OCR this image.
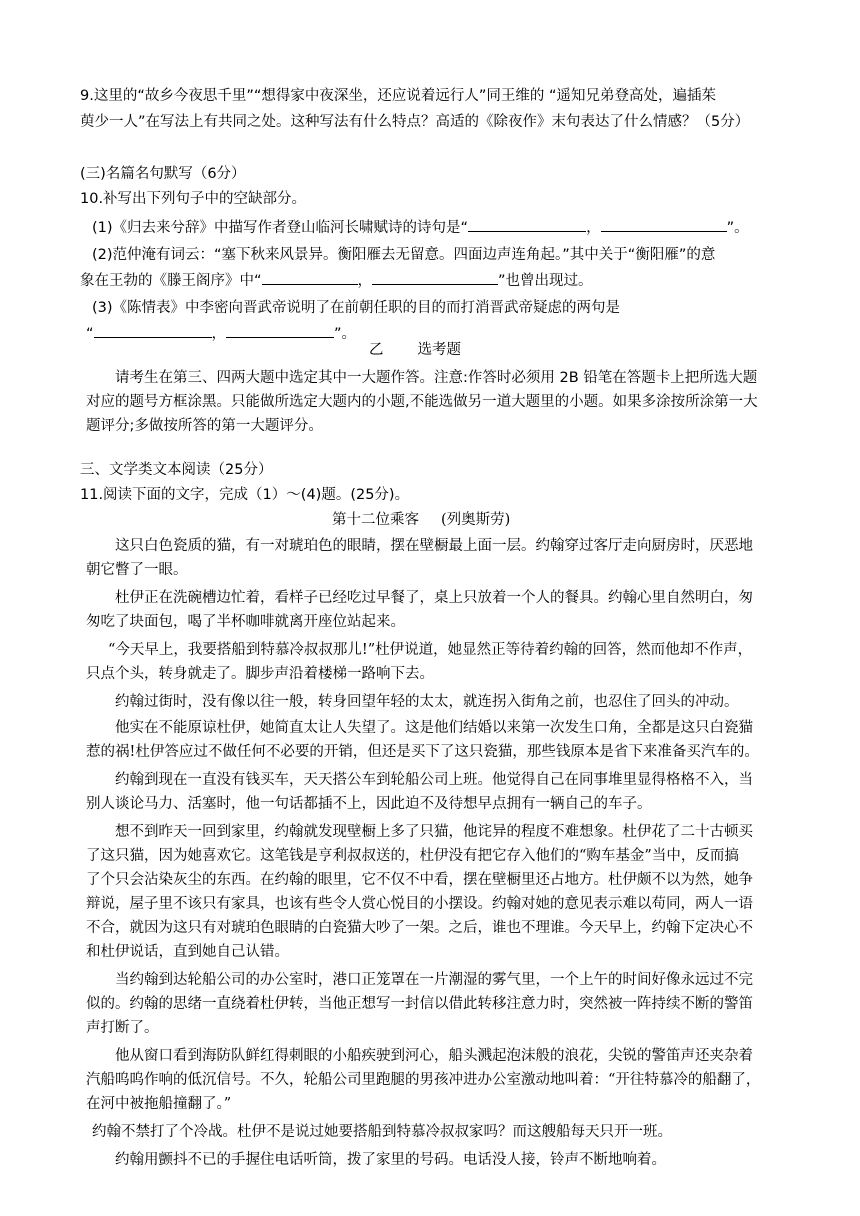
9.这里的“故乡今夜思千里”“想得家中夜深坐，还应说着远行人”同王维的 “遥知兄弟登高处，遍插茱
萸少一人”在写法上有共同之处。这种写法有什么特点？高适的《除夜作》末句表达了什么情感？（5分）
(三)名篇名句默写（6分）
10.补写出下列句子中的空缺部分。
(1)《归去来兮辞》中描写作者登山临河长啸赋诗的诗句是“	，	”。
(2)范仲淹有词云：“塞下秋来风景异。衡阳雁去无留意。四面边声连角起。”其中关于“衡阳雁”的意
象在王勃的《滕王阁序》中“	，	”也曾出现过。
(3)《陈情表》中李密向晋武帝说明了在前朝任职的目的而打消晋武帝疑虑的两句是
“	，	”。
乙 选考题
请考生在第三、四两大题中选定其中一大题作答。注意:作答时必须用 2B 铅笔在答题卡上把所选大题
对应的题号方框涂黑。只能做所选定大题内的小题,不能选做另一道大题里的小题。如果多涂按所涂第一大
题评分;多做按所答的第一大题评分。
三、文学类文本阅读（25分）
11.阅读下面的文字，完成（1）～(4)题。(25分)。
第十二位乘客 (列奥斯劳)
这只白色瓷质的猫，有一对琥珀色的眼睛，摆在壁橱最上面一层。约翰穿过客厅走向厨房时，厌恶地
朝它瞥了一眼。
杜伊正在洗碗槽边忙着，看样子已经吃过早餐了，桌上只放着一个人的餐具。约翰心里自然明白，匆
匆吃了块面包，喝了半杯咖啡就离开座位站起来。
“今天早上，我要搭船到特慕冷叔叔那儿!”杜伊说道，她显然正等待着约翰的回答，然而他却不作声，
只点个头，转身就走了。脚步声沿着楼梯一路响下去。
约翰过街时，没有像以往一般，转身回望年轻的太太，就连拐入街角之前，也忍住了回头的冲动。
他实在不能原谅杜伊，她简直太让人失望了。这是他们结婚以来第一次发生口角，全都是这只白瓷猫
惹的祸!杜伊答应过不做任何不必要的开销，但还是买下了这只瓷猫，那些钱原本是省下来准备买汽车的。
约翰到现在一直没有钱买车，天天搭公车到轮船公司上班。他觉得自己在同事堆里显得格格不入，当
别人谈论马力、活塞时，他一句话都插不上，因此迫不及待想早点拥有一辆自己的车子。
想不到昨天一回到家里，约翰就发现壁橱上多了只猫，他诧异的程度不难想象。杜伊花了二十古顿买
了这只猫，因为她喜欢它。这笔钱是亨利叔叔送的，杜伊没有把它存入他们的“购车基金”当中，反而搞
了个只会沾染灰尘的东西。在约翰的眼里，它不仅不中看，摆在壁橱里还占地方。杜伊颇不以为然，她争
辩说，屋子里不该只有家具，也该有些令人赏心悦目的小摆设。约翰对她的意见表示难以苟同，两人一语
不合，就因为这只有对琥珀色眼睛的白瓷猫大吵了一架。之后，谁也不理谁。今天早上，约翰下定决心不
和杜伊说话，直到她自己认错。
当约翰到达轮船公司的办公室时，港口正笼罩在一片潮湿的雾气里，一个上午的时间好像永远过不完
似的。约翰的思绪一直绕着杜伊转，当他正想写一封信以借此转移注意力时，突然被一阵持续不断的警笛
声打断了。
他从窗口看到海防队鲜红得刺眼的小船疾驶到河心，船头溅起泡沫般的浪花，尖锐的警笛声还夹杂着
汽船呜呜作响的低沉信号。不久，轮船公司里跑腿的男孩冲进办公室激动地叫着：“开往特慕冷的船翻了，
在河中被拖船撞翻了。”
约翰不禁打了个冷战。杜伊不是说过她要搭船到特慕冷叔叔家吗？而这艘船每天只开一班。
约翰用颤抖不已的手握住电话听筒，拨了家里的号码。电话没人接，铃声不断地响着。
